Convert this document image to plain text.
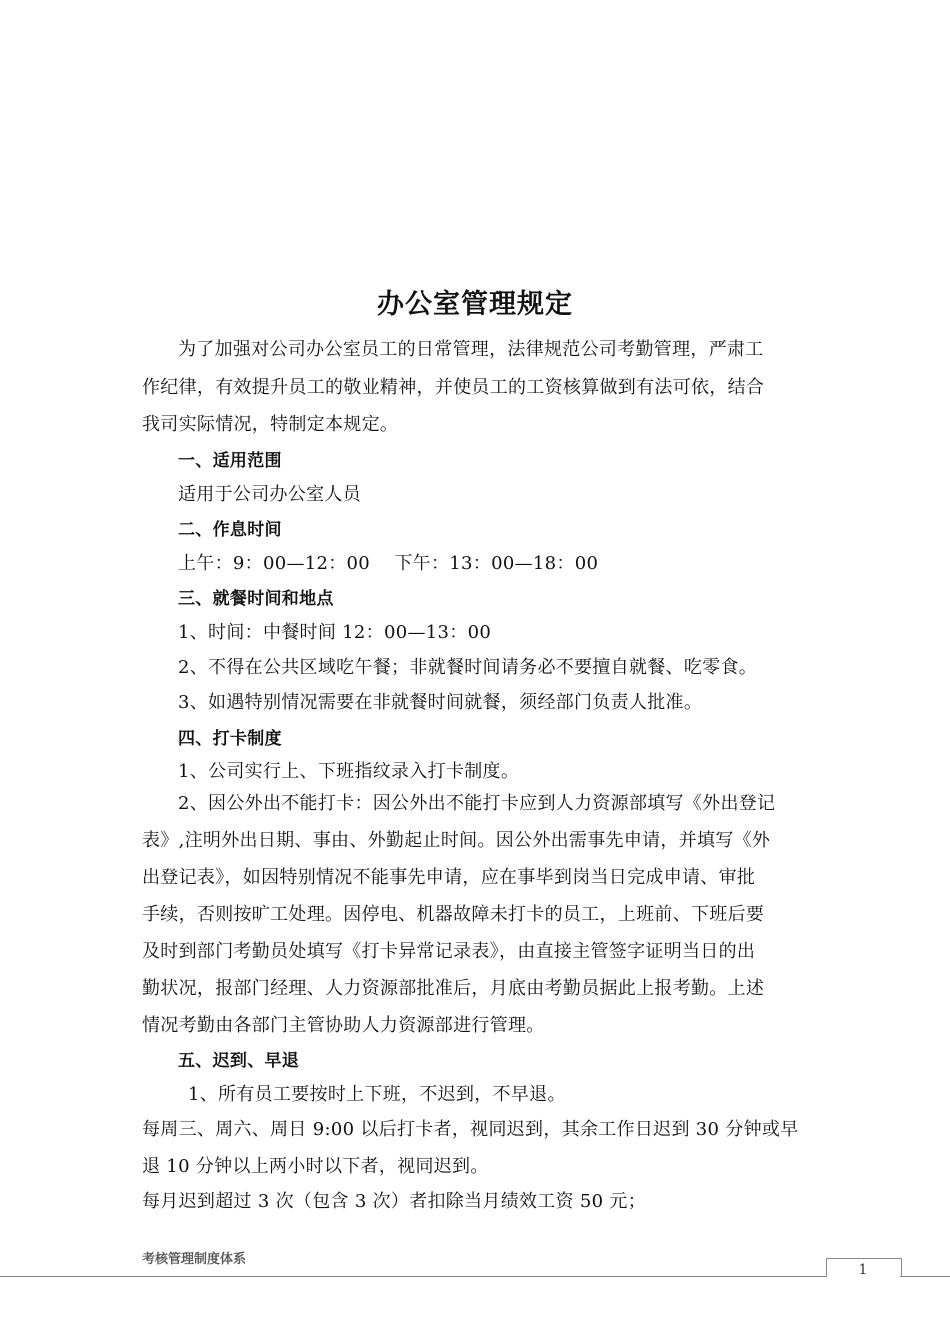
办公室管理规定
为了加强对公司办公室员工的日常管理，法律规范公司考勤管理，严肃工
作纪律，有效提升员工的敬业精神，并使员工的工资核算做到有法可依，结合
我司实际情况，特制定本规定。
一、适用范围
适用于公司办公室人员
二、作息时间
上午：9：00—12：00　 下午：13：00—18：00
三、就餐时间和地点
1、时间：中餐时间 12：00—13：00
2、不得在公共区域吃午餐；非就餐时间请务必不要擅自就餐、吃零食。
3、如遇特别情况需要在非就餐时间就餐，须经部门负责人批准。
四、打卡制度
1、公司实行上、下班指纹录入打卡制度。
2、因公外出不能打卡：因公外出不能打卡应到人力资源部填写《外出登记
表》,注明外出日期、事由、外勤起止时间。因公外出需事先申请，并填写《外
出登记表》，如因特别情况不能事先申请，应在事毕到岗当日完成申请、审批
手续，否则按旷工处理。因停电、机器故障未打卡的员工，上班前、下班后要
及时到部门考勤员处填写《打卡异常记录表》，由直接主管签字证明当日的出
勤状况，报部门经理、人力资源部批准后，月底由考勤员据此上报考勤。上述
情况考勤由各部门主管协助人力资源部进行管理。
五、迟到、早退
1、所有员工要按时上下班，不迟到，不早退。
每周三、周六、周日 9:00 以后打卡者，视同迟到，其余工作日迟到 30 分钟或早
退 10 分钟以上两小时以下者，视同迟到。
每月迟到超过 3 次（包含 3 次）者扣除当月绩效工资 50 元；
考核管理制度体系
1
